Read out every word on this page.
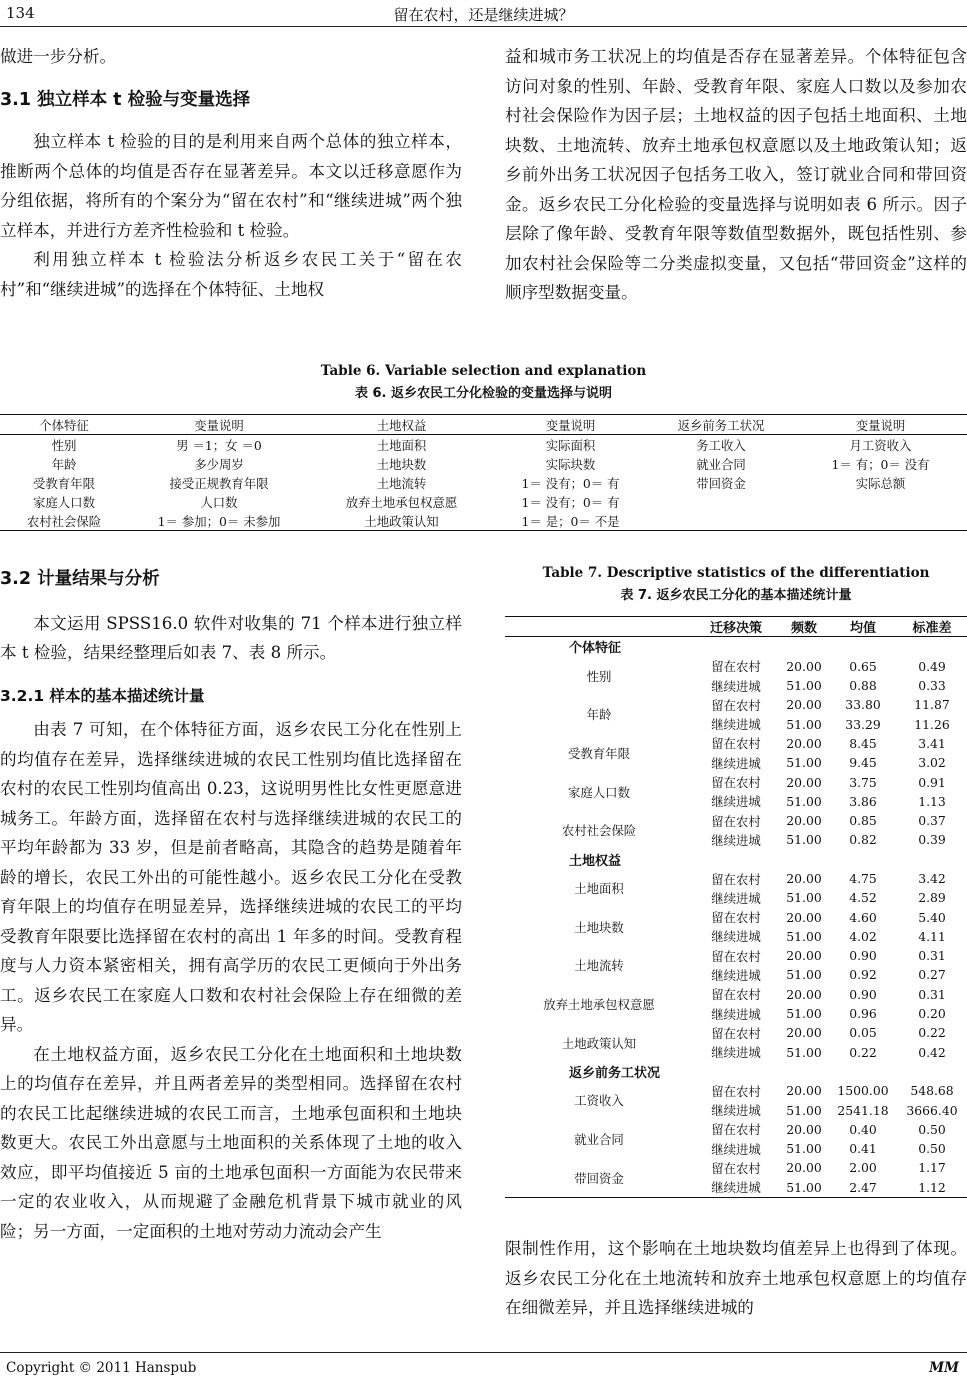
134	留在农村，还是继续进城？

做进一步分析。

3.1 独立样本 t 检验与变量选择

独立样本 t 检验的目的是利用来自两个总体的独立样本，推断两个总体的均值是否存在显著差异。本文以迁移意愿作为分组依据，将所有的个案分为“留在农村”和“继续进城”两个独立样本，并进行方差齐性检验和 t 检验。

利用独立样本 t 检验法分析返乡农民工关于“留在农村”和“继续进城”的选择在个体特征、土地权

益和城市务工状况上的均值是否存在显著差异。个体特征包含访问对象的性别、年龄、受教育年限、家庭人口数以及参加农村社会保险作为因子层；土地权益的因子包括土地面积、土地块数、土地流转、放弃土地承包权意愿以及土地政策认知；返乡前外出务工状况因子包括务工收入，签订就业合同和带回资金。返乡农民工分化检验的变量选择与说明如表 6 所示。因子层除了像年龄、受教育年限等数值型数据外，既包括性别、参加农村社会保险等二分类虚拟变量，又包括“带回资金”这样的顺序型数据变量。

Table 6. Variable selection and explanation
表 6. 返乡农民工分化检验的变量选择与说明
个体特征	变量说明	土地权益	变量说明	返乡前务工状况	变量说明
性别	男 ＝1；女 ＝0	土地面积	实际面积	务工收入	月工资收入
年龄	多少周岁	土地块数	实际块数	就业合同	1＝ 有；0＝ 没有
受教育年限	接受正规教育年限	土地流转	1＝ 没有；0＝ 有	带回资金	实际总额
家庭人口数	人口数	放弃土地承包权意愿	1＝ 没有；0＝ 有		
农村社会保险	1＝ 参加；0＝ 未参加	土地政策认知	1＝ 是；0＝ 不是		
3.2 计量结果与分析

本文运用 SPSS16.0 软件对收集的 71 个样本进行独立样本 t 检验，结果经整理后如表 7、表 8 所示。

3.2.1 样本的基本描述统计量

由表 7 可知，在个体特征方面，返乡农民工分化在性别上的均值存在差异，选择继续进城的农民工性别均值比选择留在农村的农民工性别均值高出 0.23，这说明男性比女性更愿意进城务工。年龄方面，选择留在农村与选择继续进城的农民工的平均年龄都为 33 岁，但是前者略高，其隐含的趋势是随着年龄的增长，农民工外出的可能性越小。返乡农民工分化在受教育年限上的均值存在明显差异，选择继续进城的农民工的平均受教育年限要比选择留在农村的高出 1 年多的时间。受教育程度与人力资本紧密相关，拥有高学历的农民工更倾向于外出务工。返乡农民工在家庭人口数和农村社会保险上存在细微的差异。

在土地权益方面，返乡农民工分化在土地面积和土地块数上的均值存在差异，并且两者差异的类型相同。选择留在农村的农民工比起继续进城的农民工而言，土地承包面积和土地块数更大。农民工外出意愿与土地面积的关系体现了土地的收入效应，即平均值接近 5 亩的土地承包面积一方面能为农民带来一定的农业收入，从而规避了金融危机背景下城市就业的风险；另一方面，一定面积的土地对劳动力流动会产生

Table 7. Descriptive statistics of the differentiation
表 7. 返乡农民工分化的基本描述统计量
	迁移决策	频数	均值	标准差
个体特征				
性别	留在农村	20.00	0.65	0.49
	继续进城	51.00	0.88	0.33
年龄	留在农村	20.00	33.80	11.87
	继续进城	51.00	33.29	11.26
受教育年限	留在农村	20.00	8.45	3.41
	继续进城	51.00	9.45	3.02
家庭人口数	留在农村	20.00	3.75	0.91
	继续进城	51.00	3.86	1.13
农村社会保险	留在农村	20.00	0.85	0.37
	继续进城	51.00	0.82	0.39
土地权益				
土地面积	留在农村	20.00	4.75	3.42
	继续进城	51.00	4.52	2.89
土地块数	留在农村	20.00	4.60	5.40
	继续进城	51.00	4.02	4.11
土地流转	留在农村	20.00	0.90	0.31
	继续进城	51.00	0.92	0.27
放弃土地承包权意愿	留在农村	20.00	0.90	0.31
	继续进城	51.00	0.96	0.20
土地政策认知	留在农村	20.00	0.05	0.22
	继续进城	51.00	0.22	0.42
返乡前务工状况				
工资收入	留在农村	20.00	1500.00	548.68
	继续进城	51.00	2541.18	3666.40
就业合同	留在农村	20.00	0.40	0.50
	继续进城	51.00	0.41	0.50
带回资金	留在农村	20.00	2.00	1.17
	继续进城	51.00	2.47	1.12

限制性作用，这个影响在土地块数均值差异上也得到了体现。返乡农民工分化在土地流转和放弃土地承包权意愿上的均值存在细微差异，并且选择继续进城的

Copyright © 2011 Hanspub	MM
